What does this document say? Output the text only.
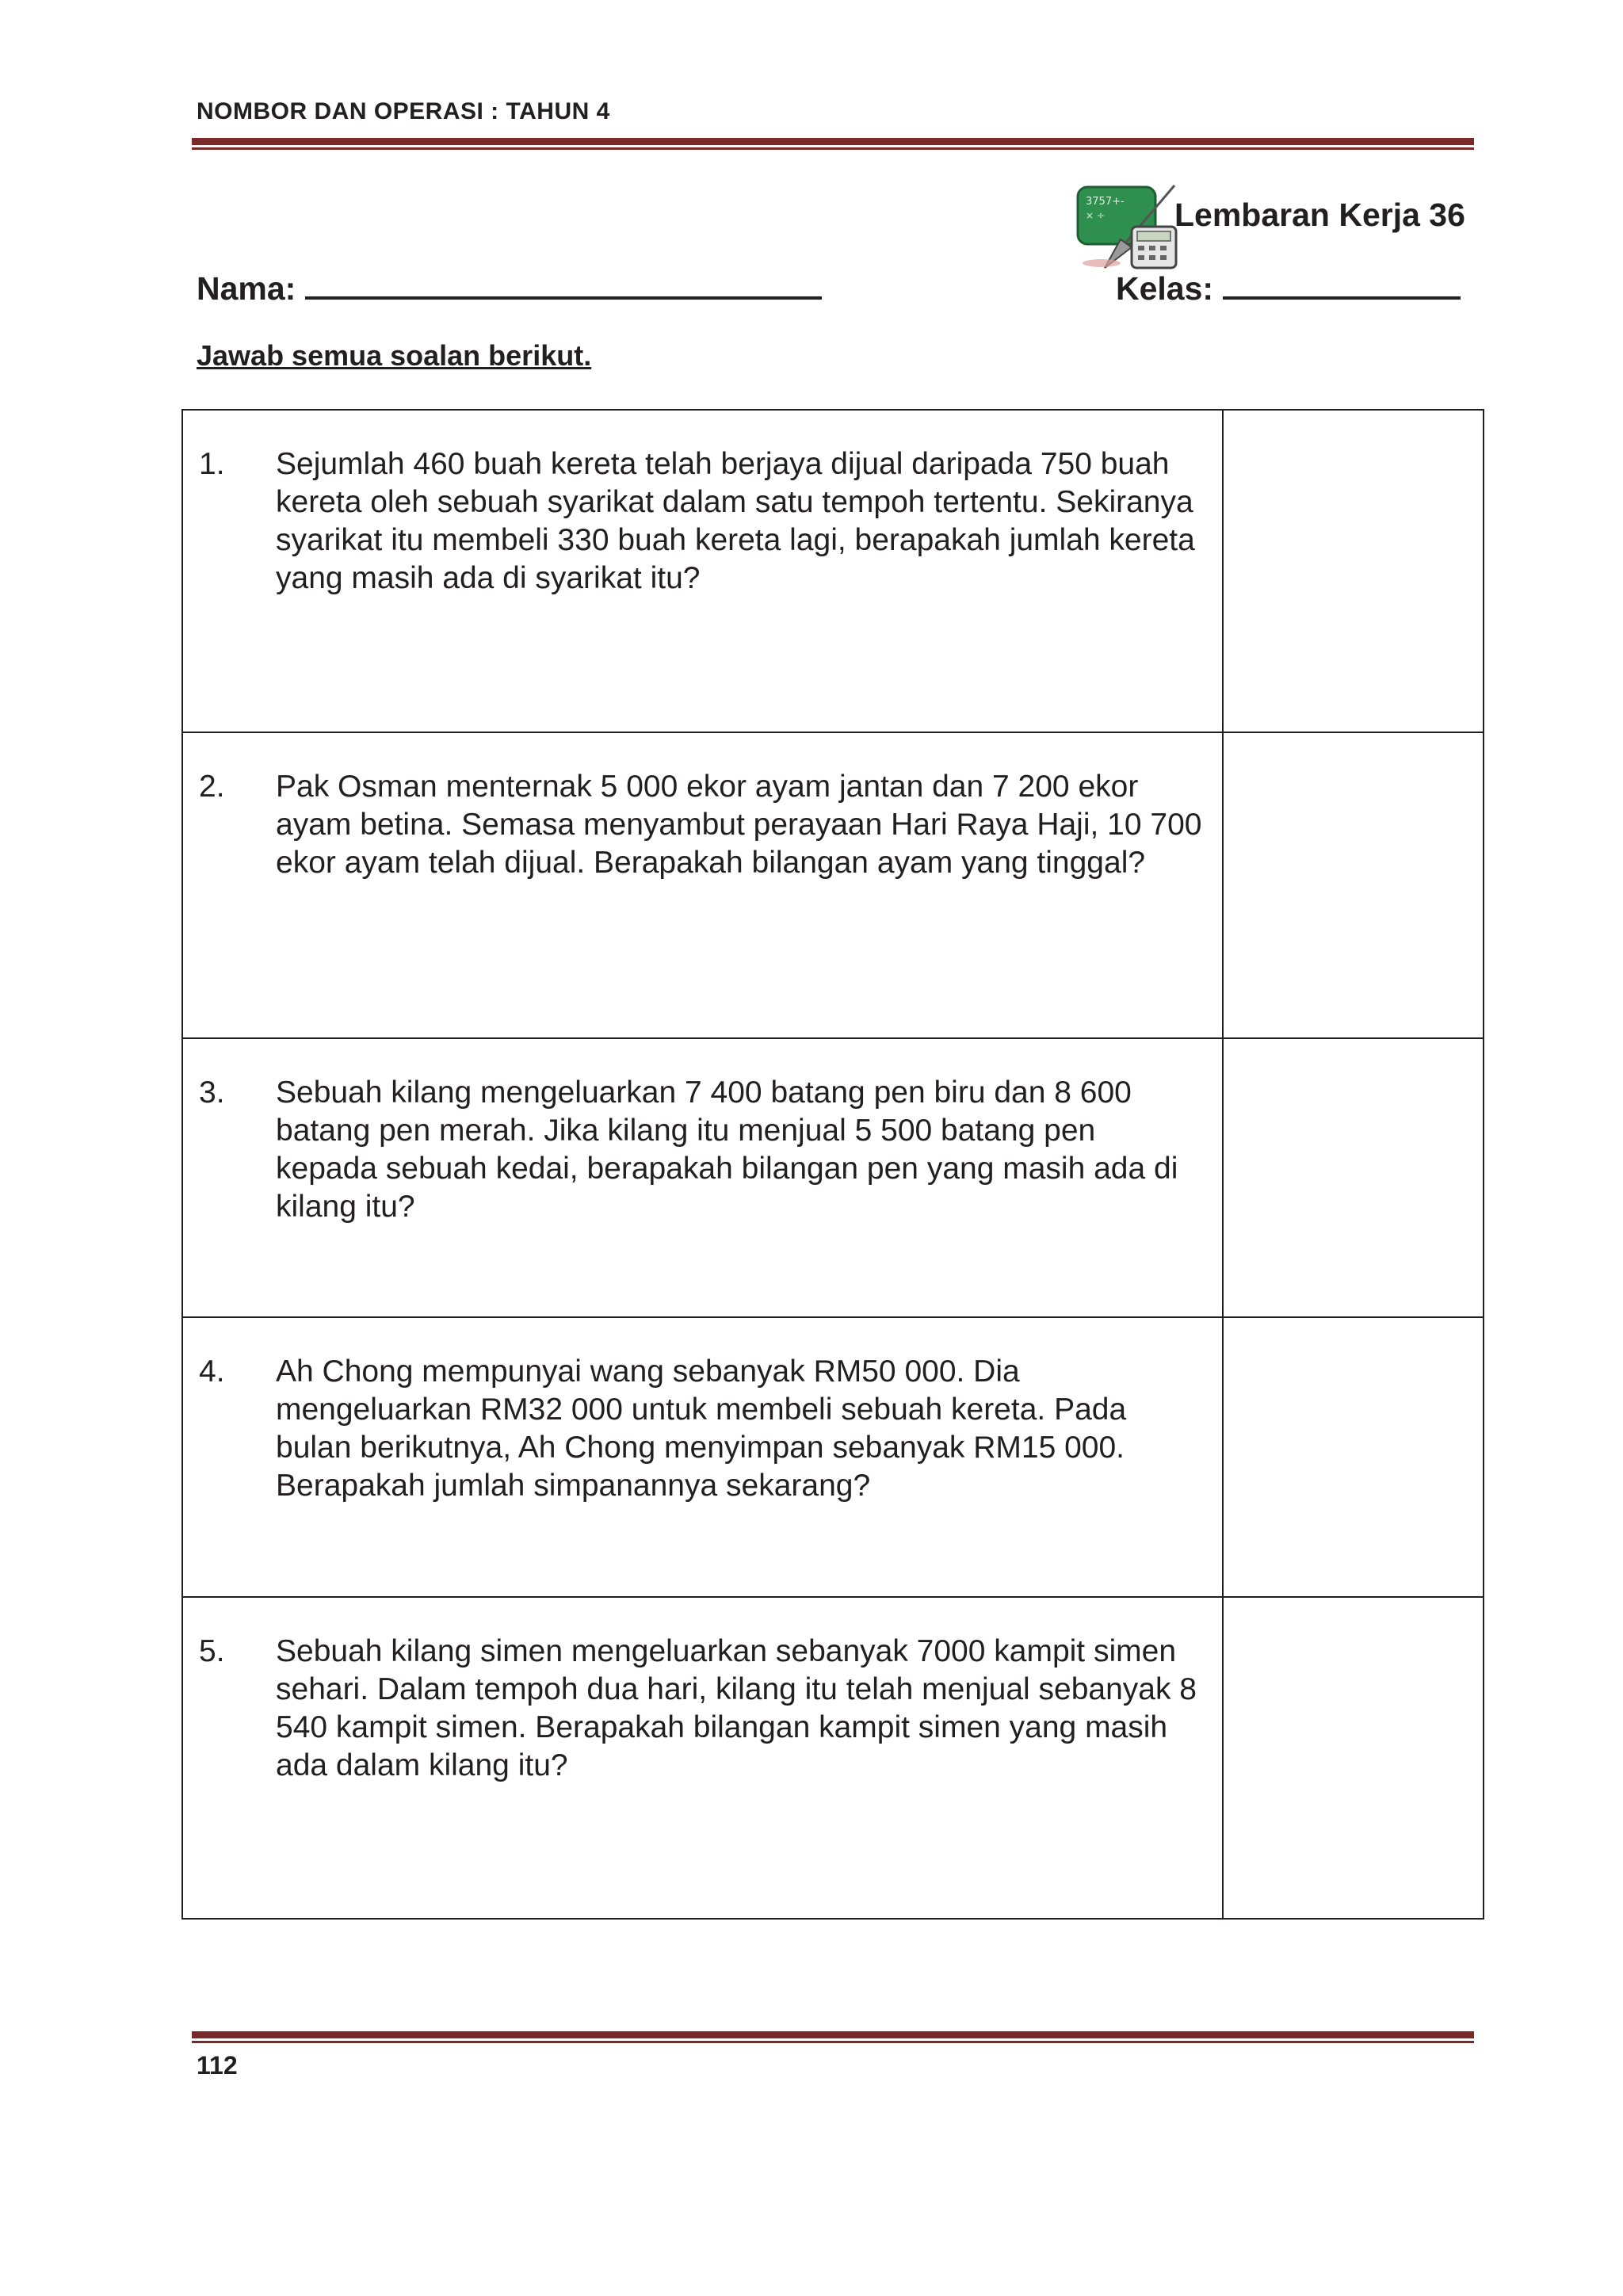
NOMBOR DAN OPERASI : TAHUN 4
3757+-
× ÷ Lembaran Kerja 36
Nama:	Kelas:
Jawab semua soalan berikut.
1. Sejumlah 460 buah kereta telah berjaya dijual daripada 750 buah kereta oleh sebuah syarikat dalam satu tempoh tertentu. Sekiranya syarikat itu membeli 330 buah kereta lagi, berapakah jumlah kereta yang masih ada di syarikat itu?	

2. Pak Osman menternak 5 000 ekor ayam jantan dan 7 200 ekor ayam betina. Semasa menyambut perayaan Hari Raya Haji, 10 700 ekor ayam telah dijual. Berapakah bilangan ayam yang tinggal?	

3. Sebuah kilang mengeluarkan 7 400 batang pen biru dan 8 600 batang pen merah. Jika kilang itu menjual 5 500 batang pen kepada sebuah kedai, berapakah bilangan pen yang masih ada di kilang itu?	

4. Ah Chong mempunyai wang sebanyak RM50 000. Dia mengeluarkan RM32 000 untuk membeli sebuah kereta. Pada bulan berikutnya, Ah Chong menyimpan sebanyak RM15 000. Berapakah jumlah simpanannya sekarang?	

5. Sebuah kilang simen mengeluarkan sebanyak 7000 kampit simen sehari. Dalam tempoh dua hari, kilang itu telah menjual sebanyak 8 540 kampit simen. Berapakah bilangan kampit simen yang masih ada dalam kilang itu?	

112
